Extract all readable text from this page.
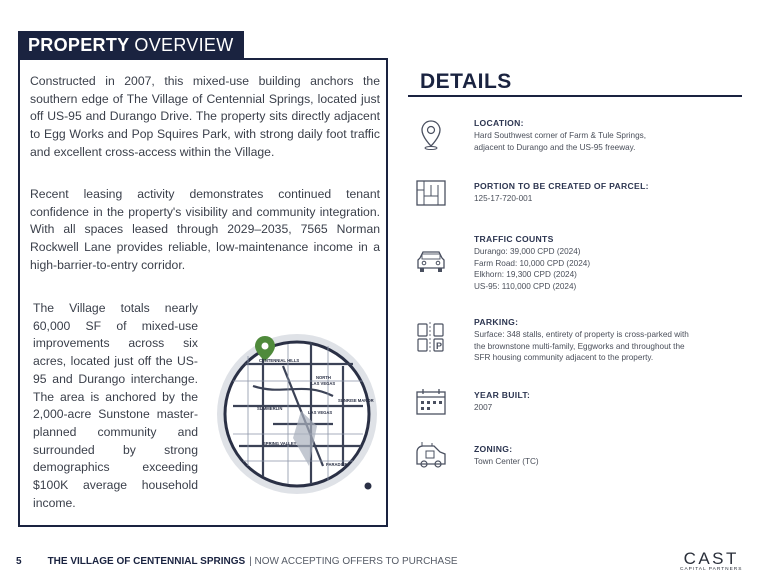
PROPERTY OVERVIEW

Constructed in 2007, this mixed-use building anchors the southern edge of The Village of Centennial Springs, located just off US-95 and Durango Drive. The property sits directly adjacent to Egg Works and Pop Squires Park, with strong daily foot traffic and excellent cross-access within the Village.

Recent leasing activity demonstrates continued tenant confidence in the property's visibility and community integration. With all spaces leased through 2029–2035, 7565 Norman Rockwell Lane provides reliable, low-maintenance income in a high-barrier-to-entry corridor.

The Village totals nearly 60,000 SF of mixed-use improvements across six acres, located just off the US-95 and Durango interchange. The area is anchored by the 2,000-acre Sunstone master-planned community and surrounded by strong demographics exceeding $100K average household income.

CENTENNIAL HILLS
NORTH
LAS VEGAS
SUMMERLIN
LAS VEGAS
SPRING VALLEY
SUNRISE MANOR
PARADISE
DETAILS
P
LOCATION:
Hard Southwest corner of Farm & Tule Springs,
adjacent to Durango and the US-95 freeway.
PORTION TO BE CREATED OF PARCEL:
125-17-720-001
TRAFFIC COUNTS
Durango: 39,000 CPD (2024)
Farm Road: 10,000 CPD (2024)
Elkhorn: 19,300 CPD (2024)
US-95: 110,000 CPD (2024)
PARKING:
Surface: 348 stalls, entirety of property is cross-parked with
the brownstone multi-family, Eggworks and throughout the
SFR housing community adjacent to the property.
YEAR BUILT:
2007
ZONING:
Town Center (TC)
5	THE VILLAGE OF CENTENNIAL SPRINGS | NOW ACCEPTING OFFERS TO PURCHASE	CAST
CAPITAL PARTNERS
